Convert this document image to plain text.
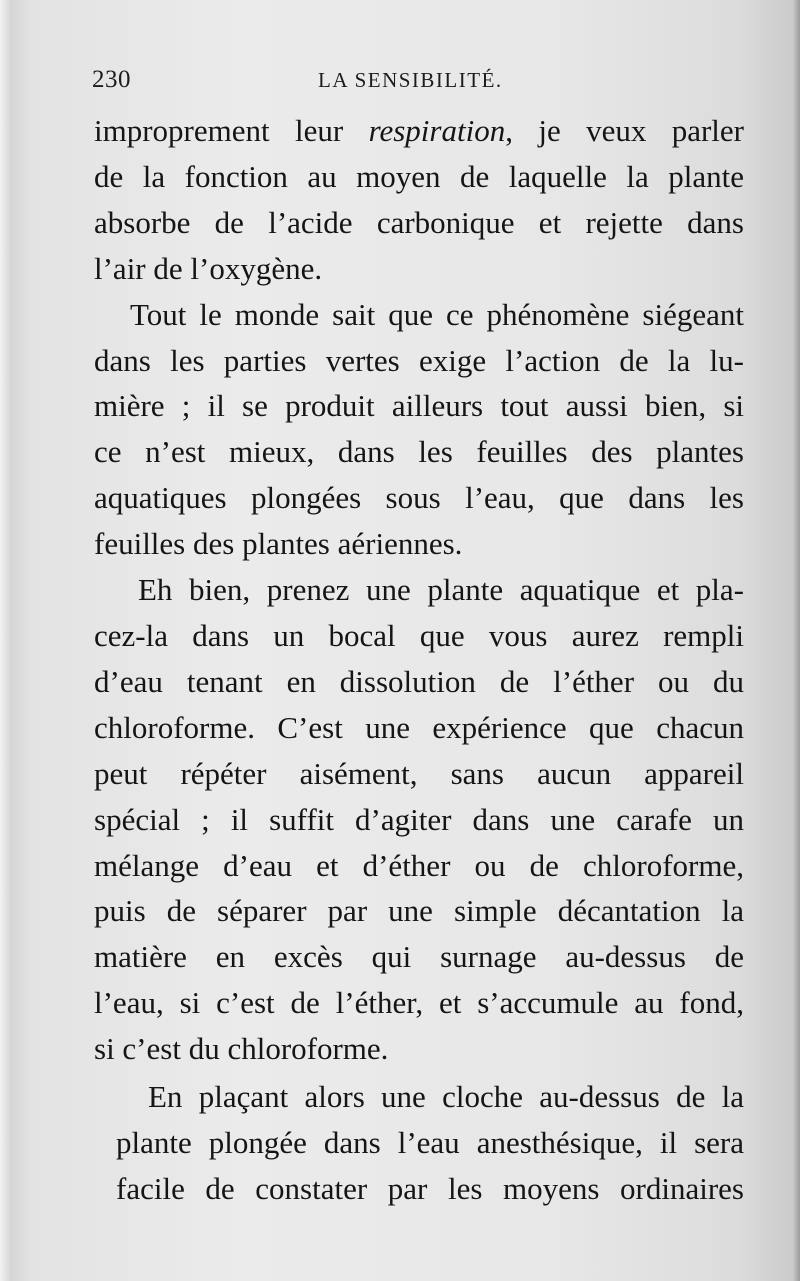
230	LA SENSIBILITÉ.

improprement leur respiration, je veux parler
de la fonction au moyen de laquelle la plante
absorbe de l’acide carbonique et rejette dans
l’air de l’oxygène.

Tout le monde sait que ce phénomène siégeant
dans les parties vertes exige l’action de la lu-
mière ; il se produit ailleurs tout aussi bien, si
ce n’est mieux, dans les feuilles des plantes
aquatiques plongées sous l’eau, que dans les
feuilles des plantes aériennes.

Eh bien, prenez une plante aquatique et pla-
cez-la dans un bocal que vous aurez rempli
d’eau tenant en dissolution de l’éther ou du
chloroforme. C’est une expérience que chacun
peut répéter aisément, sans aucun appareil
spécial ; il suffit d’agiter dans une carafe un
mélange d’eau et d’éther ou de chloroforme,
puis de séparer par une simple décantation la
matière en excès qui surnage au-dessus de
l’eau, si c’est de l’éther, et s’accumule au fond,
si c’est du chloroforme.

En plaçant alors une cloche au-dessus de la
plante plongée dans l’eau anesthésique, il sera
facile de constater par les moyens ordinaires
